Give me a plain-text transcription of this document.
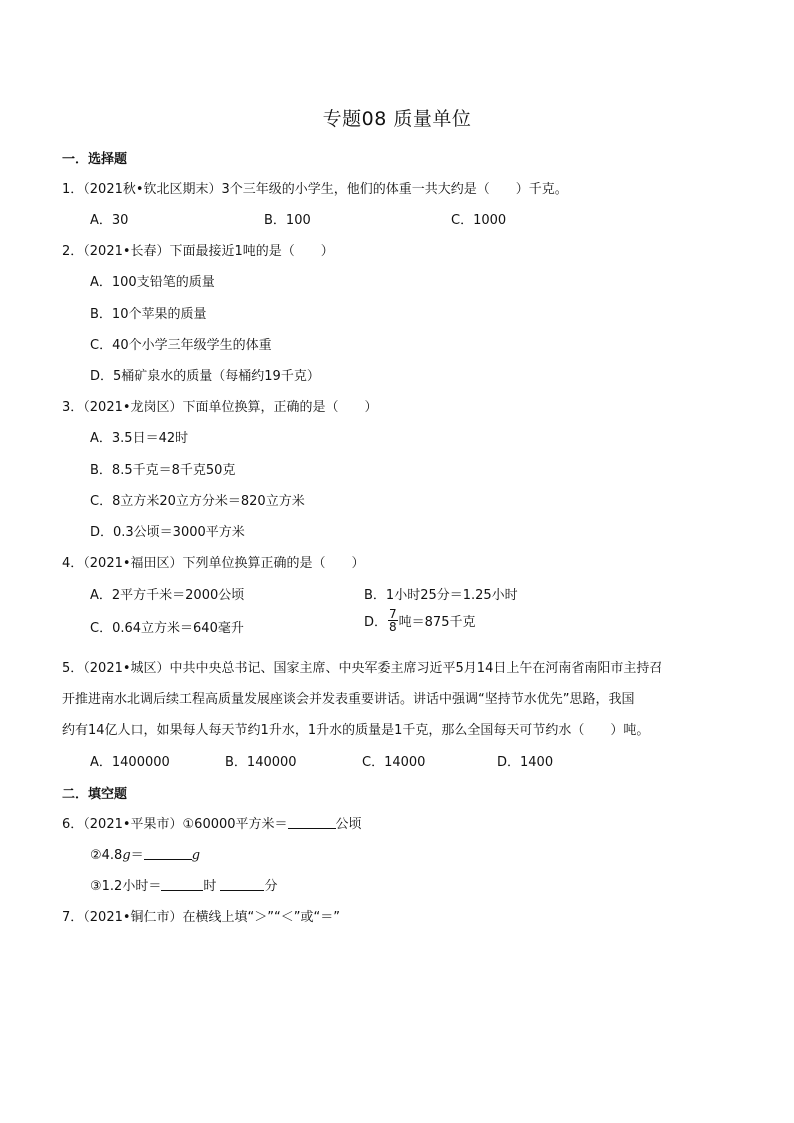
专题08 质量单位
一．选择题
1．（2021秋•钦北区期末）3个三年级的小学生，他们的体重一共大约是（ ）千克。
A．30	B．100	C．1000
2．（2021•长春）下面最接近1吨的是（ ）
A．100支铅笔的质量
B．10个苹果的质量
C．40个小学三年级学生的体重
D．5桶矿泉水的质量（每桶约19千克）
3．（2021•龙岗区）下面单位换算，正确的是（ ）
A．3.5日＝42时
B．8.5千克＝8千克50克
C．8立方米20立方分米＝820立方米
D．0.3公顷＝3000平方米
4．（2021•福田区）下列单位换算正确的是（ ）
A．2平方千米＝2000公顷	B．1小时25分＝1.25小时
C．0.64立方米＝640毫升	D． $\frac{7}{8}$ 吨＝875千克
5．（2021•城区）中共中央总书记、国家主席、中央军委主席习近平5月14日上午在河南省南阳市主持召
开推进南水北调后续工程高质量发展座谈会并发表重要讲话。讲话中强调“坚持节水优先”思路，我国
约有14亿人口，如果每人每天节约1升水，1升水的质量是1千克，那么全国每天可节约水（ ）吨。
A．1400000	B．140000	C．14000	D．1400
二．填空题
6．（2021•平果市）①60000平方米＝	公顷
②4.8g＝	g
③1.2小时＝	时	分
7．（2021•铜仁市）在横线上填“＞”“＜”或“＝”
